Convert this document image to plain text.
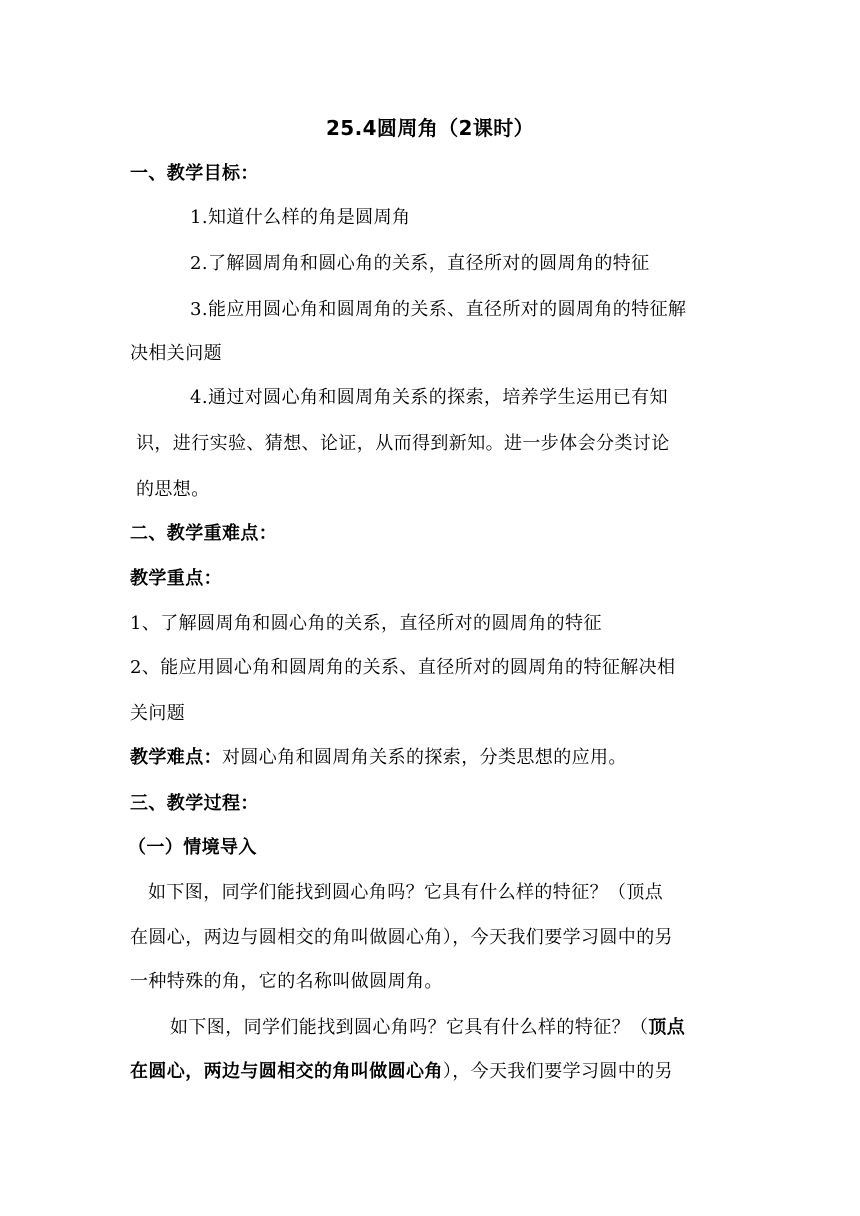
25.4圆周角（2课时）
一、教学目标：
1.知道什么样的角是圆周角
2.了解圆周角和圆心角的关系，直径所对的圆周角的特征
3.能应用圆心角和圆周角的关系、直径所对的圆周角的特征解
决相关问题
4.通过对圆心角和圆周角关系的探索，培养学生运用已有知
识，进行实验、猜想、论证，从而得到新知。进一步体会分类讨论
的思想。
二、教学重难点：
教学重点：
1、了解圆周角和圆心角的关系，直径所对的圆周角的特征
2、能应用圆心角和圆周角的关系、直径所对的圆周角的特征解决相
关问题
教学难点：对圆心角和圆周角关系的探索，分类思想的应用。
三、教学过程：
（一）情境导入
如下图，同学们能找到圆心角吗？它具有什么样的特征？（顶点
在圆心，两边与圆相交的角叫做圆心角），今天我们要学习圆中的另
一种特殊的角，它的名称叫做圆周角。
如下图，同学们能找到圆心角吗？它具有什么样的特征？（顶点
在圆心，两边与圆相交的角叫做圆心角），今天我们要学习圆中的另
